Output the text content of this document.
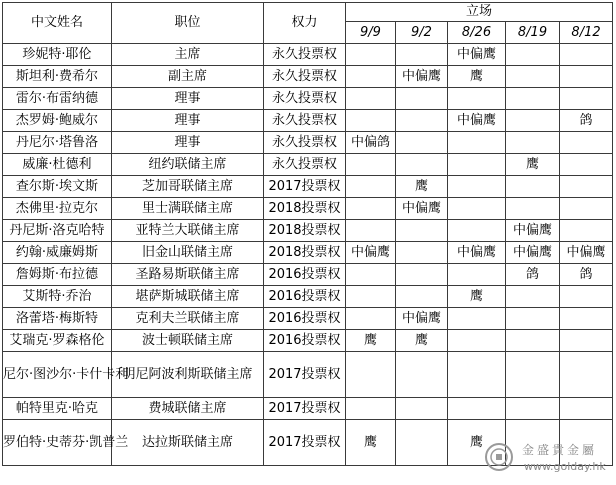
中文姓名	职位	权力	立场				
			9/9	9/2	8/26	8/19	8/12
珍妮特·耶伦	主席	永久投票权			中偏鹰		
斯坦利·费希尔	副主席	永久投票权		中偏鹰	鹰		
雷尔·布雷纳德	理事	永久投票权					
杰罗姆·鲍威尔	理事	永久投票权			中偏鹰		鸽
丹尼尔·塔鲁洛	理事	永久投票权	中偏鸽				
威廉·杜德利	纽约联储主席	永久投票权				鹰	
查尔斯·埃文斯	芝加哥联储主席	2017投票权		鹰			
杰佛里·拉克尔	里士满联储主席	2018投票权		中偏鹰			
丹尼斯·洛克哈特	亚特兰大联储主席	2018投票权				中偏鹰	
约翰·威廉姆斯	旧金山联储主席	2018投票权	中偏鹰		中偏鹰	中偏鹰	中偏鹰
詹姆斯·布拉德	圣路易斯联储主席	2016投票权				鸽	鸽
艾斯特·乔治	堪萨斯城联储主席	2016投票权			鹰		
洛蕾塔·梅斯特	克利夫兰联储主席	2016投票权		中偏鹰			
艾瑞克·罗森格伦	波士顿联储主席	2016投票权	鹰	鹰			
尼尔·图沙尔·卡什卡利	明尼阿波利斯联储主席	2017投票权					
帕特里克·哈克	费城联储主席	2017投票权					
罗伯特·史蒂芬·凯普兰	达拉斯联储主席	2017投票权	鹰		鹰		
金盛貴金屬
www.golday.hk
